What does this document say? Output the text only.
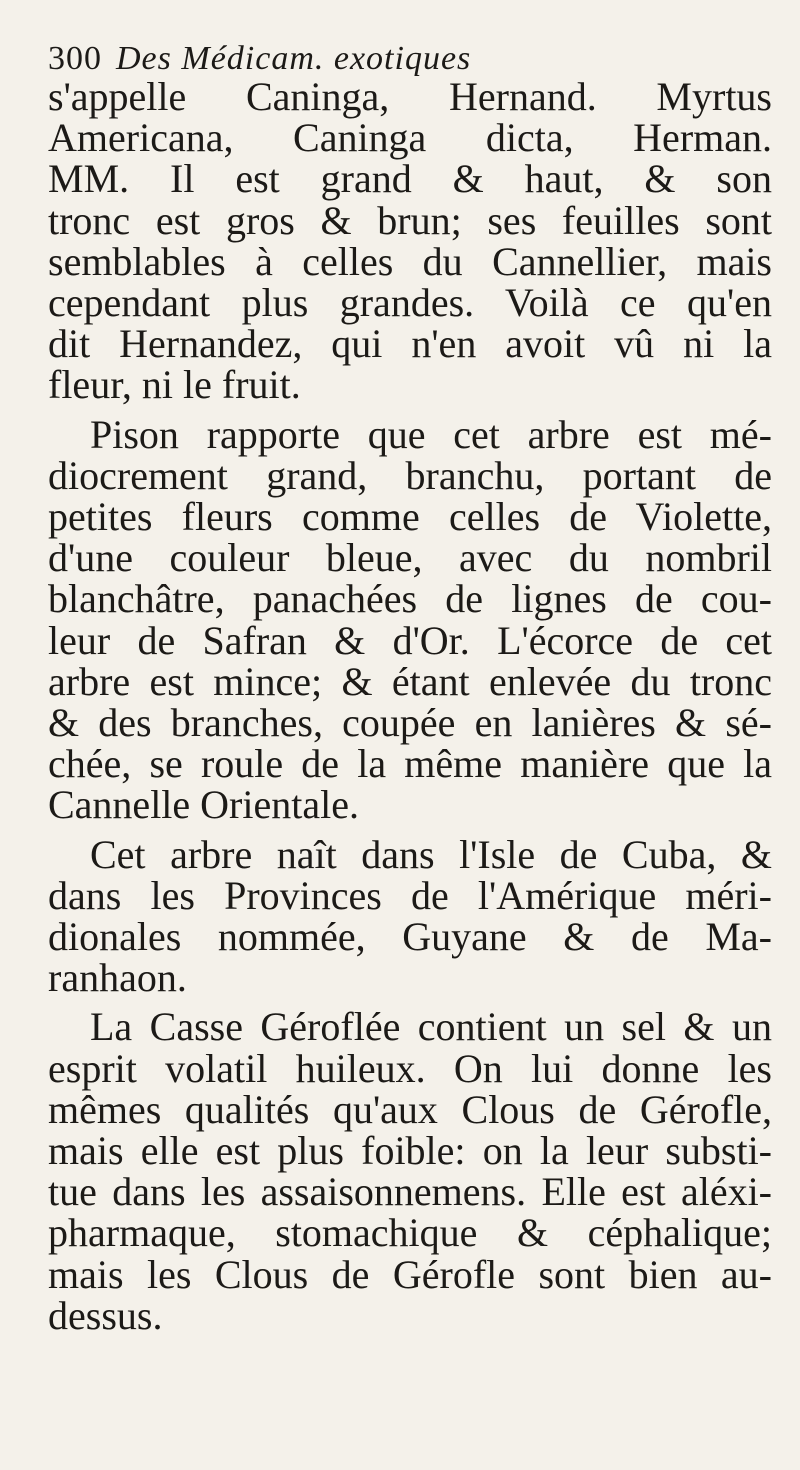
300 Des Médicam. exotiques
s'appelle Caninga, Hernand. Myrtus
Americana, Caninga dicta, Herman.
MM. Il est grand & haut, & son
tronc est gros & brun; ses feuilles sont
semblables à celles du Cannellier, mais
cependant plus grandes. Voilà ce qu'en
dit Hernandez, qui n'en avoit vû ni la
fleur, ni le fruit.
Pison rapporte que cet arbre est mé-
diocrement grand, branchu, portant de
petites fleurs comme celles de Violette,
d'une couleur bleue, avec du nombril
blanchâtre, panachées de lignes de cou-
leur de Safran & d'Or. L'écorce de cet
arbre est mince; & étant enlevée du tronc
& des branches, coupée en lanières & sé-
chée, se roule de la même manière que la
Cannelle Orientale.
Cet arbre naît dans l'Isle de Cuba, &
dans les Provinces de l'Amérique méri-
dionales nommée, Guyane & de Ma-
ranhaon.
La Casse Géroflée contient un sel & un
esprit volatil huileux. On lui donne les
mêmes qualités qu'aux Clous de Gérofle,
mais elle est plus foible: on la leur substi-
tue dans les assaisonnemens. Elle est aléxi-
pharmaque, stomachique & céphalique;
mais les Clous de Gérofle sont bien au-
dessus.
